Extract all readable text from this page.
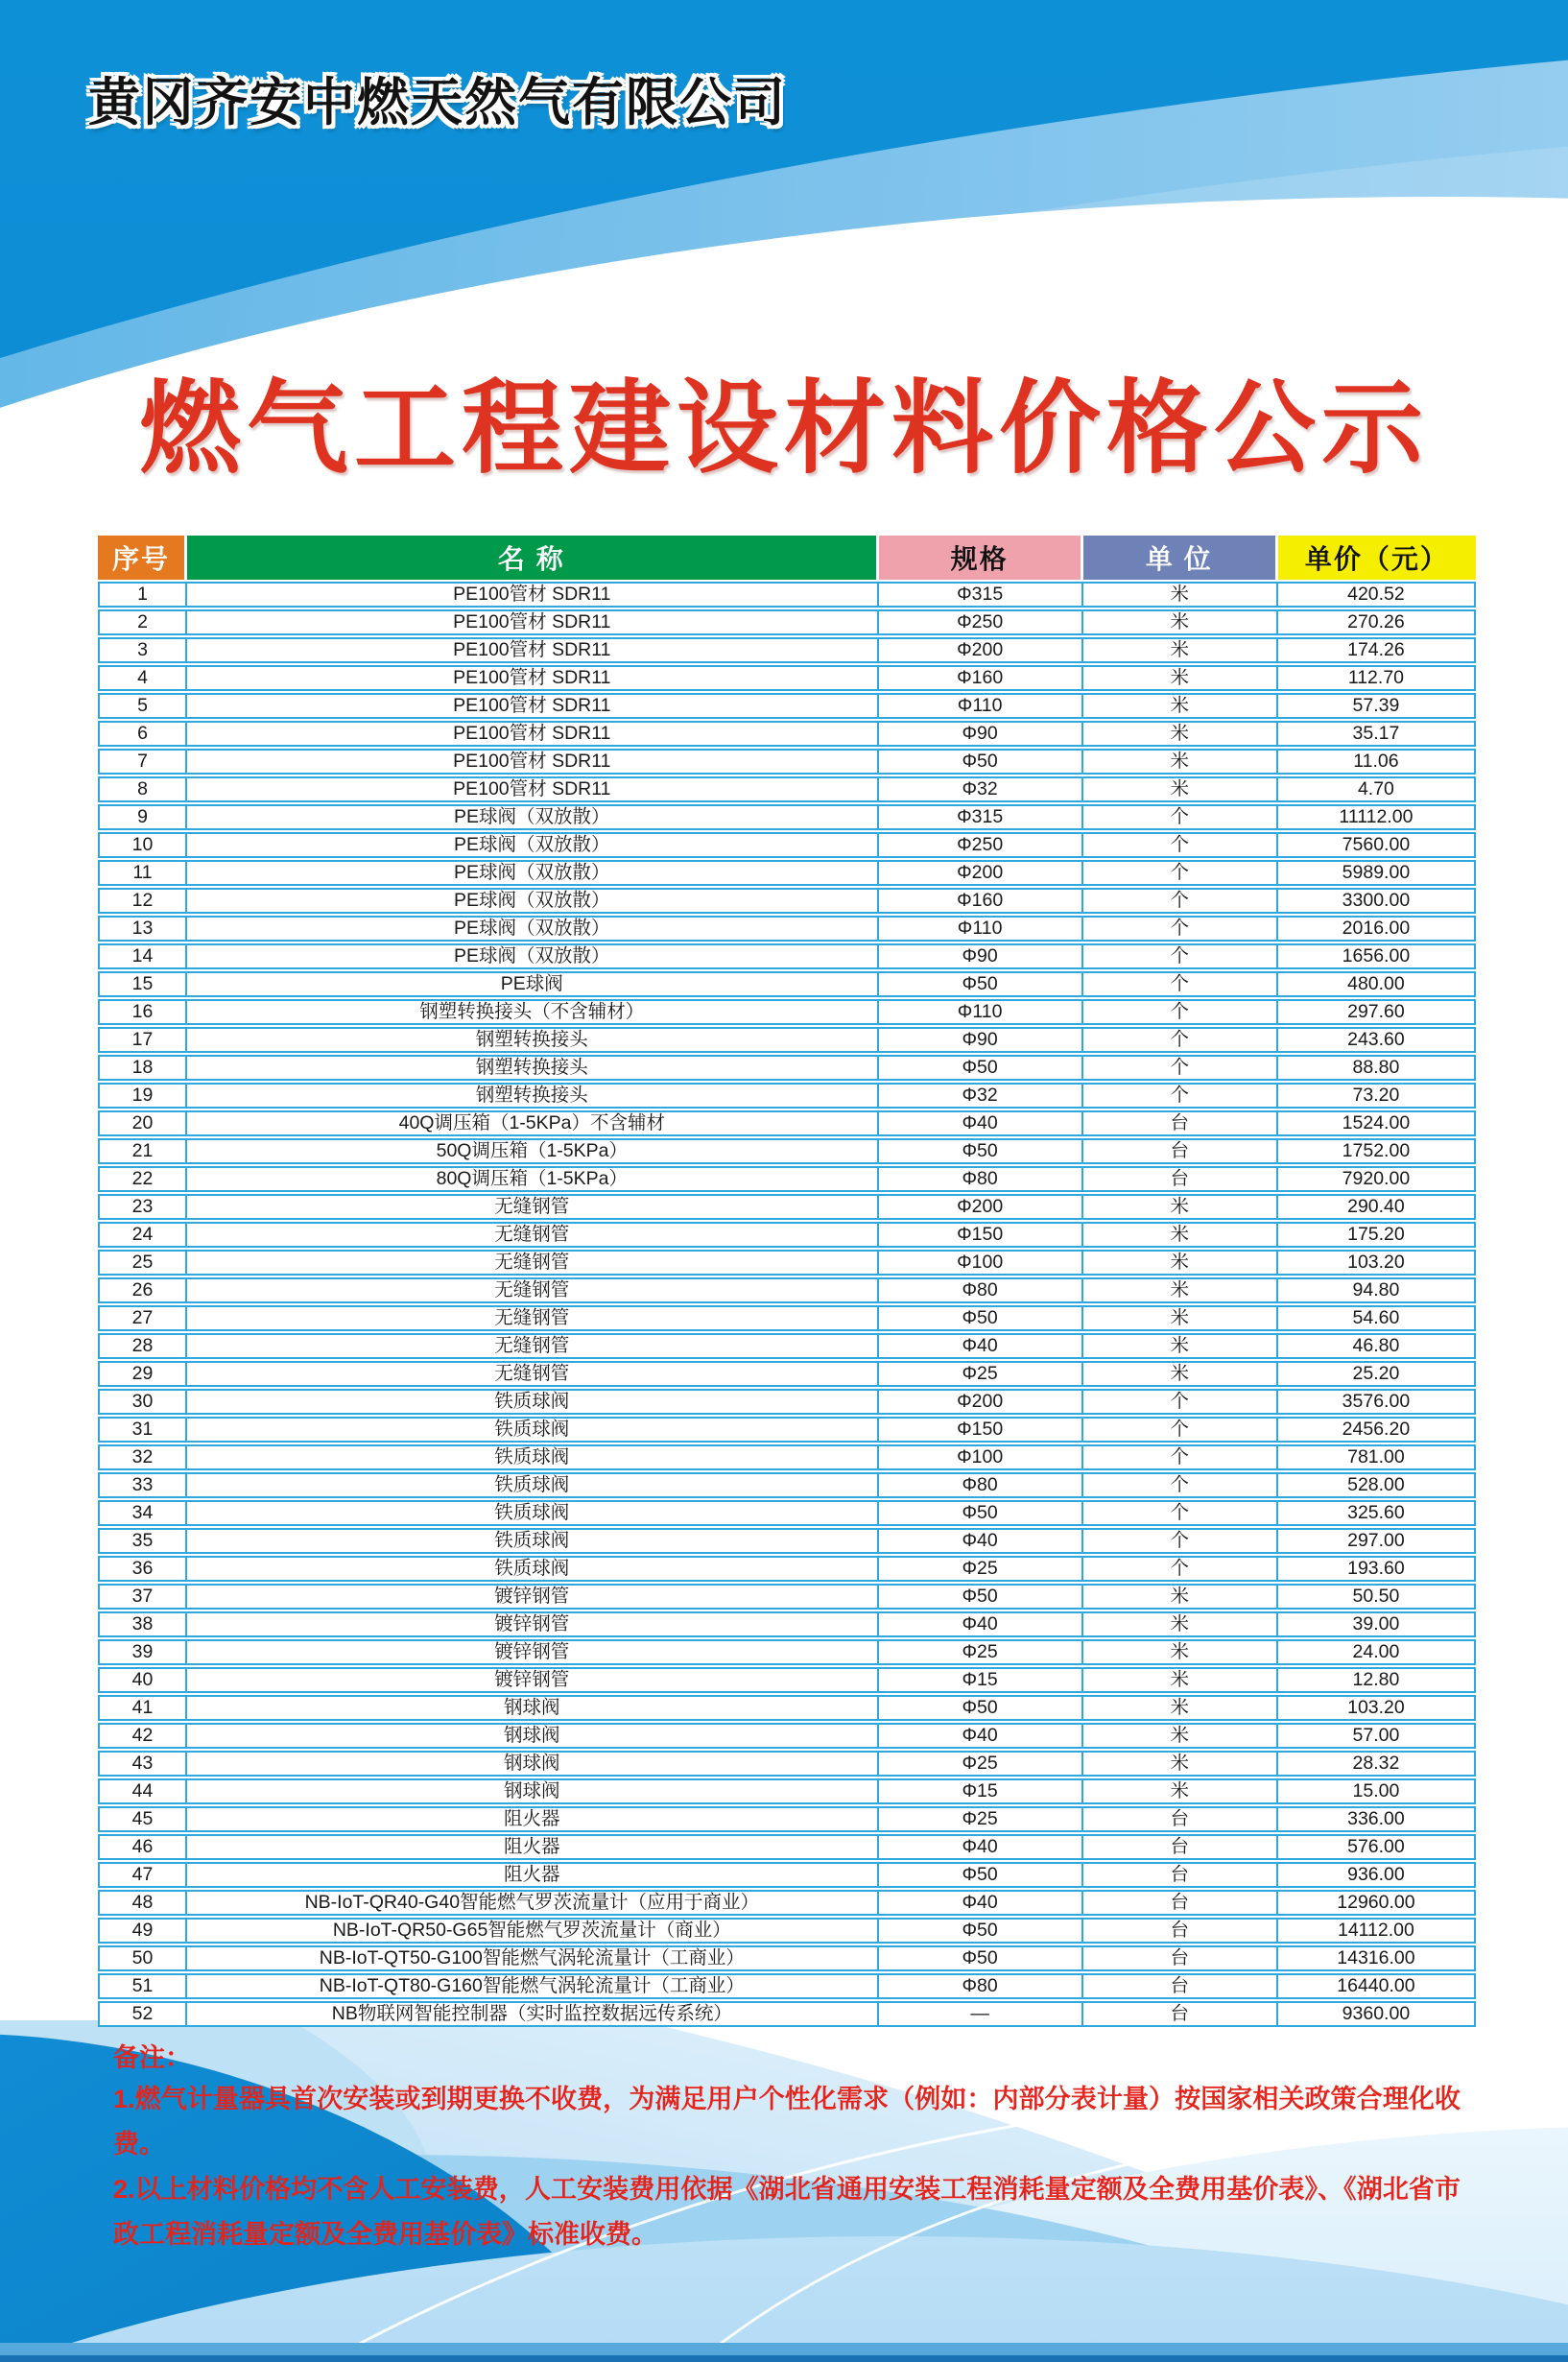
黄冈齐安中燃天然气有限公司
燃气工程建设材料价格公示
序号	名 称	规格	单 位	单价（元）
1	PE100管材 SDR11	Φ315	米	420.52
2	PE100管材 SDR11	Φ250	米	270.26
3	PE100管材 SDR11	Φ200	米	174.26
4	PE100管材 SDR11	Φ160	米	112.70
5	PE100管材 SDR11	Φ110	米	57.39
6	PE100管材 SDR11	Φ90	米	35.17
7	PE100管材 SDR11	Φ50	米	11.06
8	PE100管材 SDR11	Φ32	米	4.70
9	PE球阀（双放散）	Φ315	个	11112.00
10	PE球阀（双放散）	Φ250	个	7560.00
11	PE球阀（双放散）	Φ200	个	5989.00
12	PE球阀（双放散）	Φ160	个	3300.00
13	PE球阀（双放散）	Φ110	个	2016.00
14	PE球阀（双放散）	Φ90	个	1656.00
15	PE球阀	Φ50	个	480.00
16	钢塑转换接头（不含辅材）	Φ110	个	297.60
17	钢塑转换接头	Φ90	个	243.60
18	钢塑转换接头	Φ50	个	88.80
19	钢塑转换接头	Φ32	个	73.20
20	40Q调压箱（1-5KPa）不含辅材	Φ40	台	1524.00
21	50Q调压箱（1-5KPa）	Φ50	台	1752.00
22	80Q调压箱（1-5KPa）	Φ80	台	7920.00
23	无缝钢管	Φ200	米	290.40
24	无缝钢管	Φ150	米	175.20
25	无缝钢管	Φ100	米	103.20
26	无缝钢管	Φ80	米	94.80
27	无缝钢管	Φ50	米	54.60
28	无缝钢管	Φ40	米	46.80
29	无缝钢管	Φ25	米	25.20
30	铁质球阀	Φ200	个	3576.00
31	铁质球阀	Φ150	个	2456.20
32	铁质球阀	Φ100	个	781.00
33	铁质球阀	Φ80	个	528.00
34	铁质球阀	Φ50	个	325.60
35	铁质球阀	Φ40	个	297.00
36	铁质球阀	Φ25	个	193.60
37	镀锌钢管	Φ50	米	50.50
38	镀锌钢管	Φ40	米	39.00
39	镀锌钢管	Φ25	米	24.00
40	镀锌钢管	Φ15	米	12.80
41	钢球阀	Φ50	米	103.20
42	钢球阀	Φ40	米	57.00
43	钢球阀	Φ25	米	28.32
44	钢球阀	Φ15	米	15.00
45	阻火器	Φ25	台	336.00
46	阻火器	Φ40	台	576.00
47	阻火器	Φ50	台	936.00
48	NB-IoT-QR40-G40智能燃气罗茨流量计（应用于商业）	Φ40	台	12960.00
49	NB-IoT-QR50-G65智能燃气罗茨流量计（商业）	Φ50	台	14112.00
50	NB-IoT-QT50-G100智能燃气涡轮流量计（工商业）	Φ50	台	14316.00
51	NB-IoT-QT80-G160智能燃气涡轮流量计（工商业）	Φ80	台	16440.00
52	NB物联网智能控制器（实时监控数据远传系统）	—	台	9360.00
备注：
1.燃气计量器具首次安装或到期更换不收费，为满足用户个性化需求（例如：内部分表计量）按国家相关政策合理化收费。
2.以上材料价格均不含人工安装费，人工安装费用依据《湖北省通用安装工程消耗量定额及全费用基价表》、《湖北省市政工程消耗量定额及全费用基价表》标准收费。
